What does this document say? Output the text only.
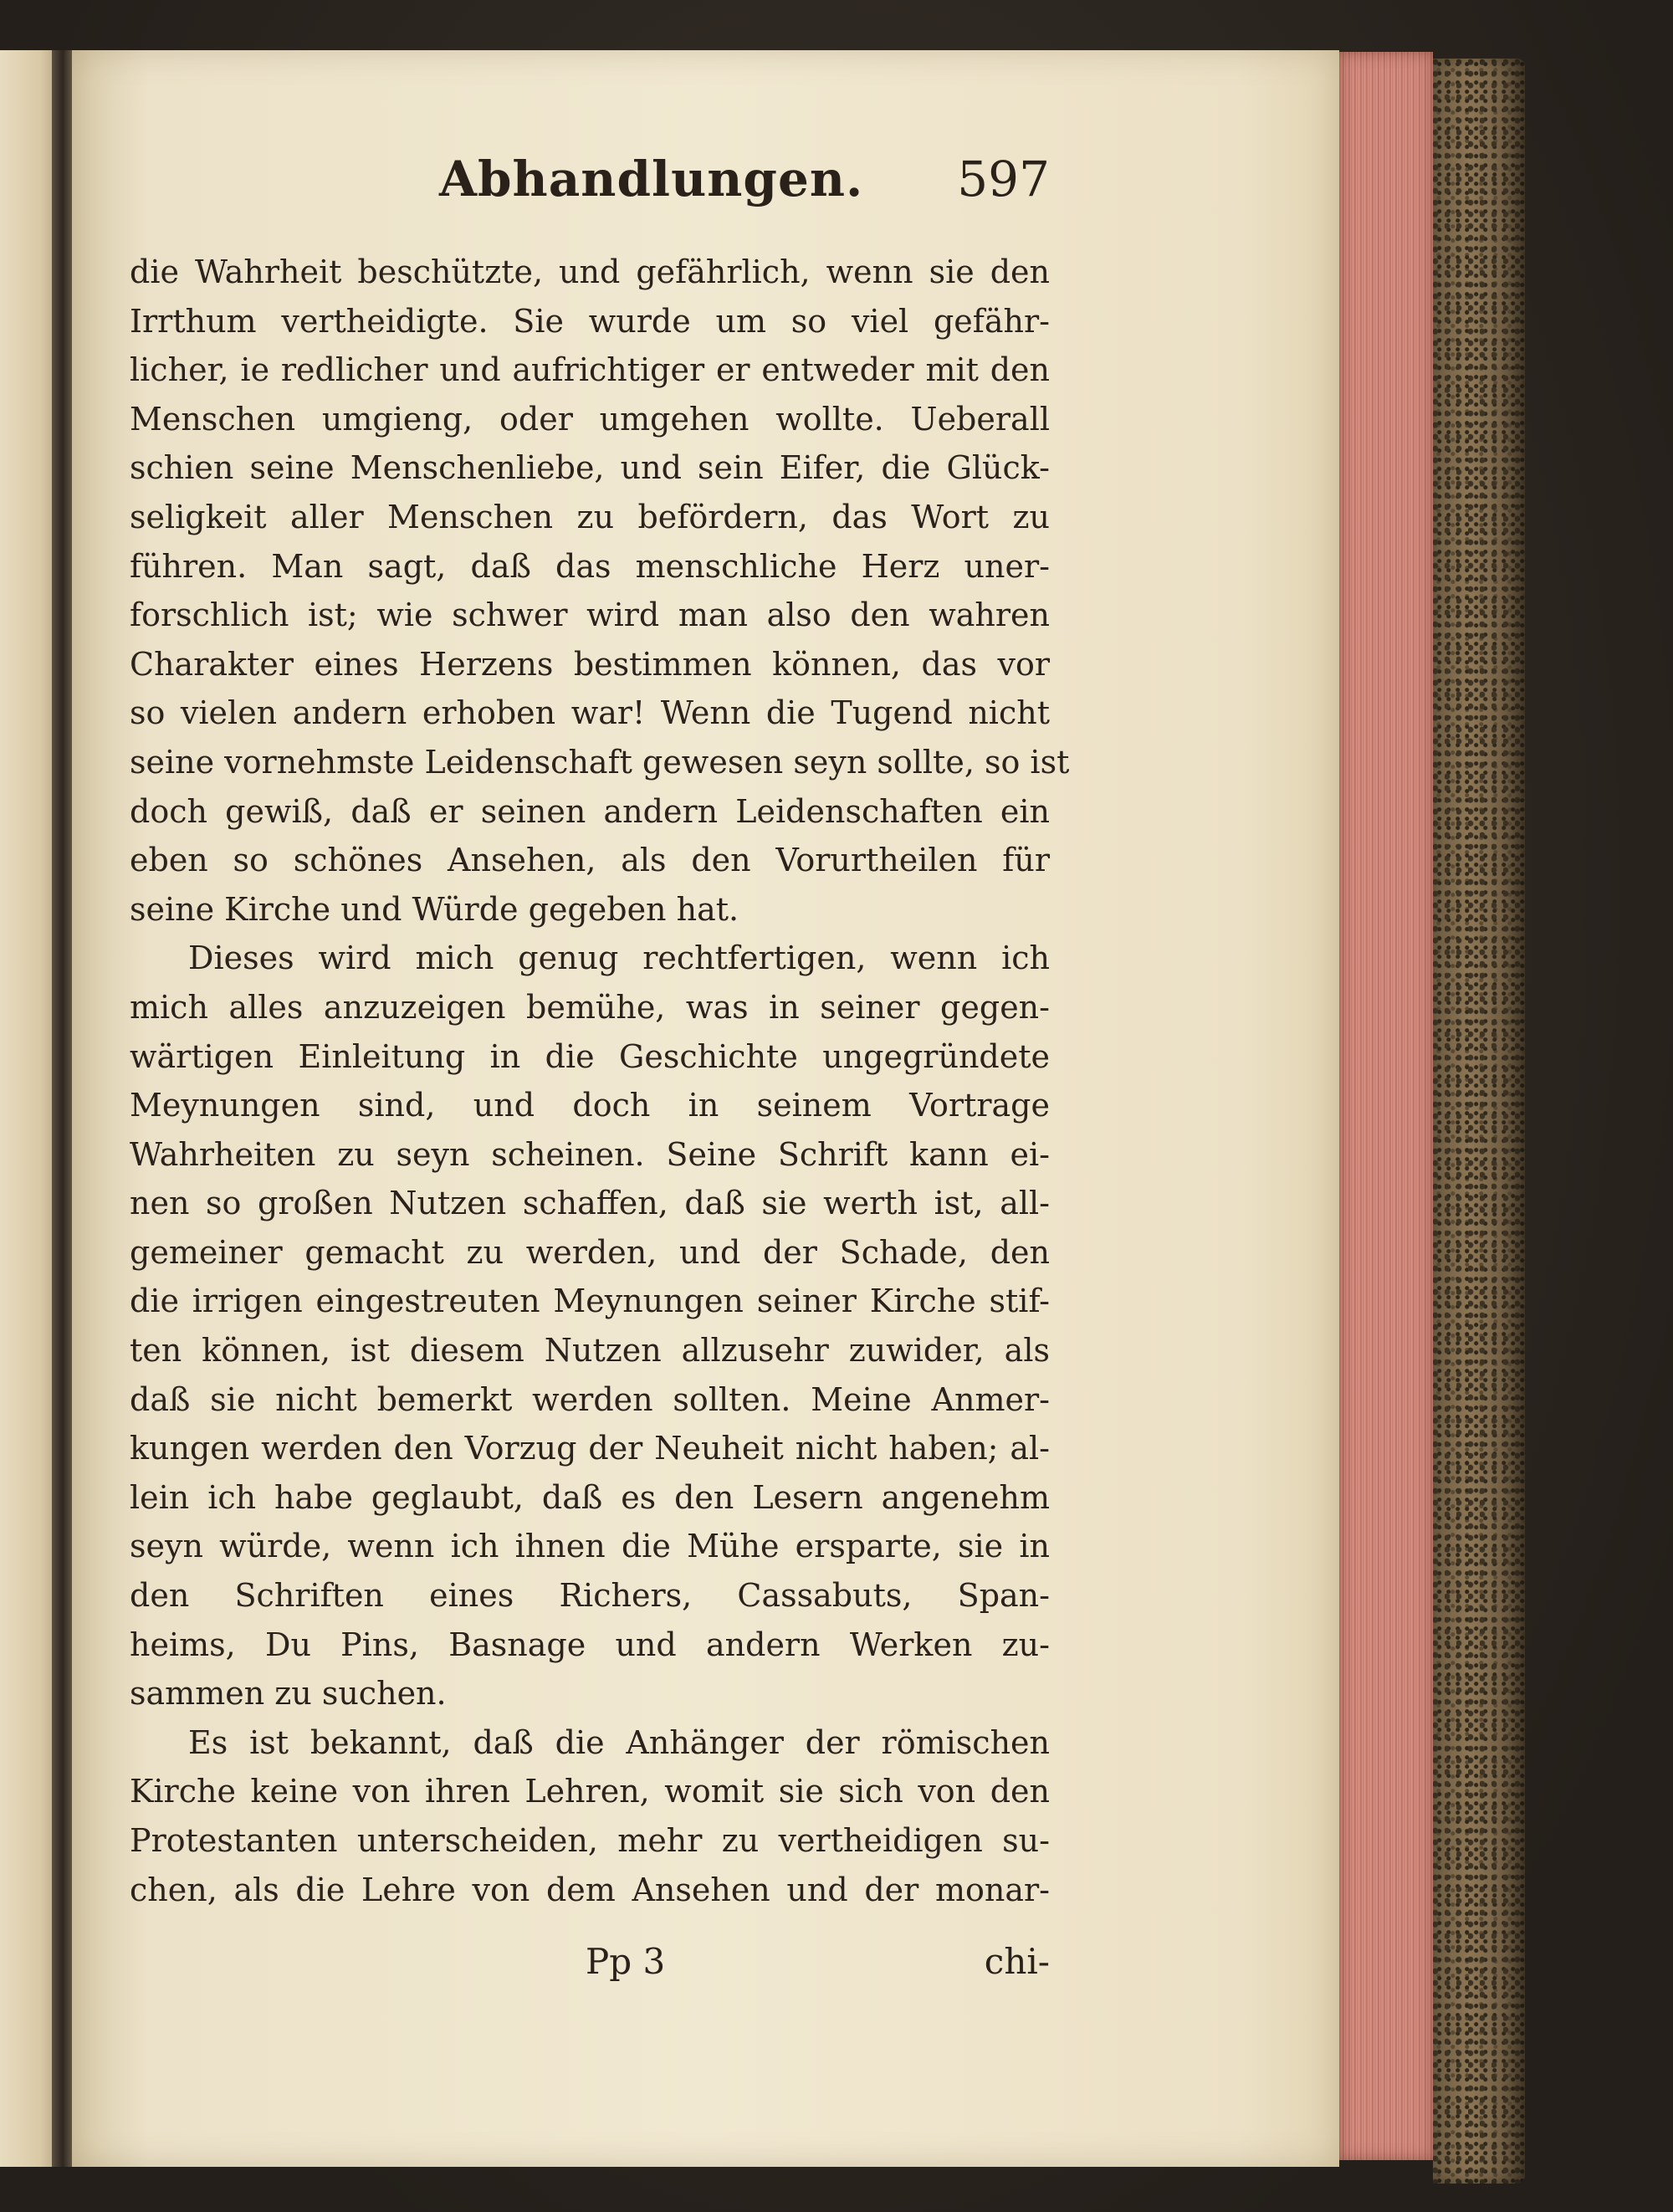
Abhandlungen. 597
die Wahrheit beschützte, und gefährlich, wenn sie den
Irrthum vertheidigte. Sie wurde um so viel gefähr-
licher, ie redlicher und aufrichtiger er entweder mit den
Menschen umgieng, oder umgehen wollte. Ueberall
schien seine Menschenliebe, und sein Eifer, die Glück-
seligkeit aller Menschen zu befördern, das Wort zu
führen. Man sagt, daß das menschliche Herz uner-
forschlich ist; wie schwer wird man also den wahren
Charakter eines Herzens bestimmen können, das vor
so vielen andern erhoben war! Wenn die Tugend nicht
seine vornehmste Leidenschaft gewesen seyn sollte, so ist
doch gewiß, daß er seinen andern Leidenschaften ein
eben so schönes Ansehen, als den Vorurtheilen für
seine Kirche und Würde gegeben hat.
Dieses wird mich genug rechtfertigen, wenn ich
mich alles anzuzeigen bemühe, was in seiner gegen-
wärtigen Einleitung in die Geschichte ungegründete
Meynungen sind, und doch in seinem Vortrage
Wahrheiten zu seyn scheinen. Seine Schrift kann ei-
nen so großen Nutzen schaffen, daß sie werth ist, all-
gemeiner gemacht zu werden, und der Schade, den
die irrigen eingestreuten Meynungen seiner Kirche stif-
ten können, ist diesem Nutzen allzusehr zuwider, als
daß sie nicht bemerkt werden sollten. Meine Anmer-
kungen werden den Vorzug der Neuheit nicht haben; al-
lein ich habe geglaubt, daß es den Lesern angenehm
seyn würde, wenn ich ihnen die Mühe ersparte, sie in
den Schriften eines Richers, Cassabuts, Span-
heims, Du Pins, Basnage und andern Werken zu-
sammen zu suchen.
Es ist bekannt, daß die Anhänger der römischen
Kirche keine von ihren Lehren, womit sie sich von den
Protestanten unterscheiden, mehr zu vertheidigen su-
chen, als die Lehre von dem Ansehen und der monar-
Pp 3	chi-
